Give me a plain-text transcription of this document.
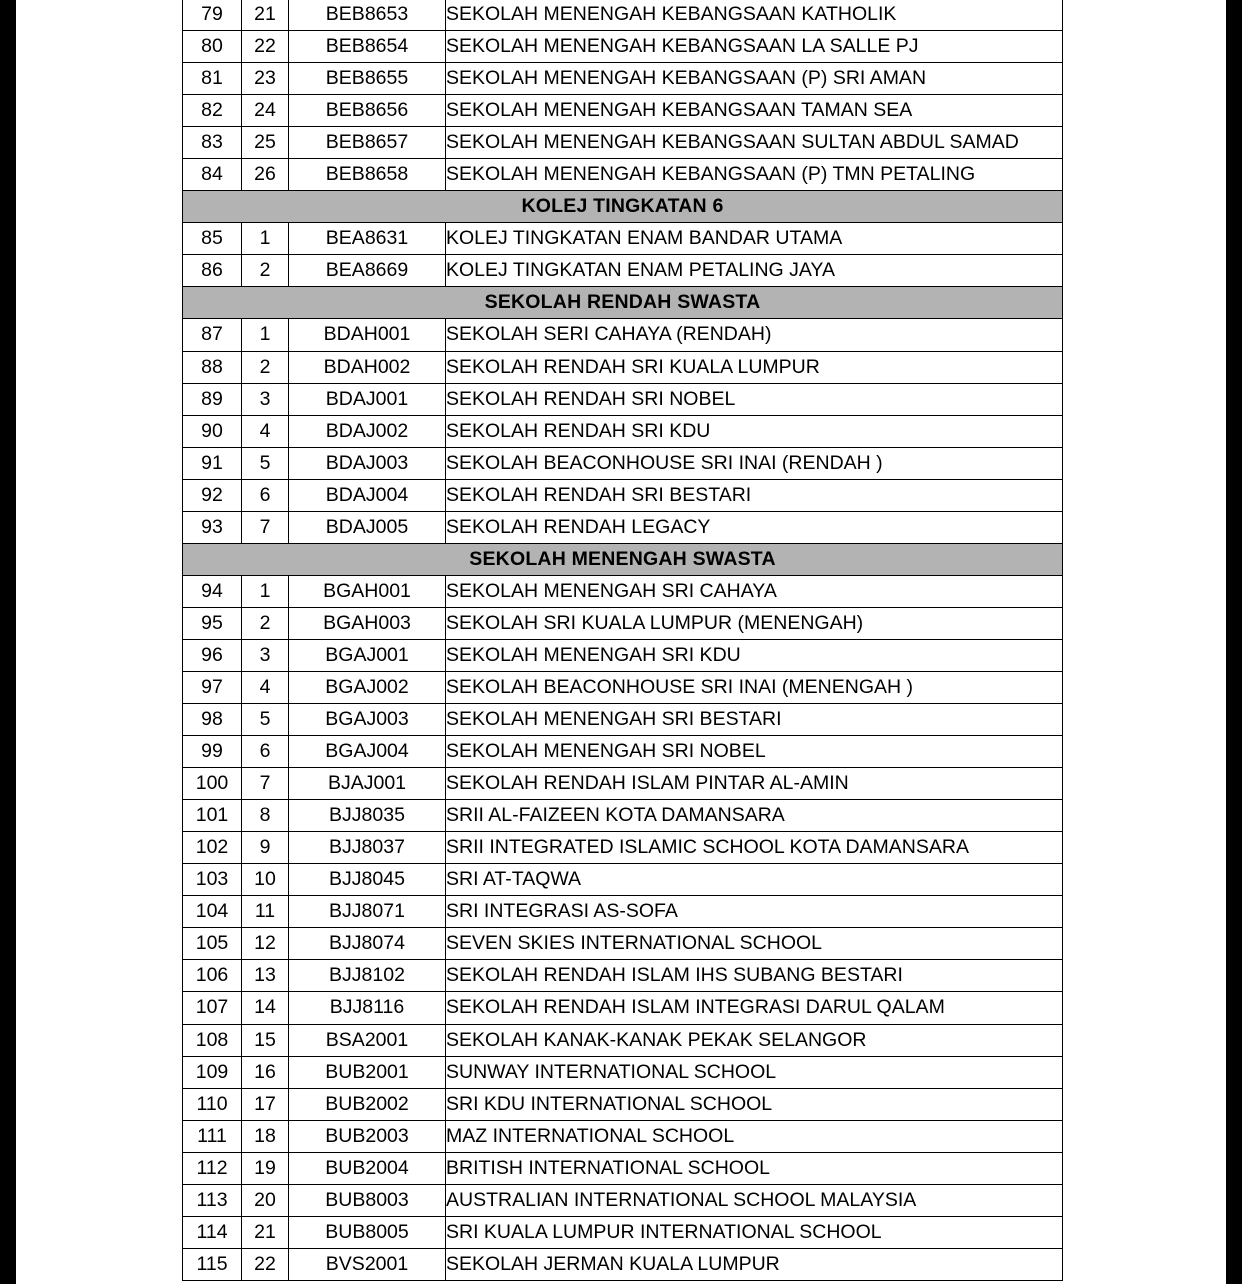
79	21	BEB8653	SEKOLAH MENENGAH KEBANGSAAN KATHOLIK
80	22	BEB8654	SEKOLAH MENENGAH KEBANGSAAN LA SALLE PJ
81	23	BEB8655	SEKOLAH MENENGAH KEBANGSAAN (P) SRI AMAN
82	24	BEB8656	SEKOLAH MENENGAH KEBANGSAAN TAMAN SEA
83	25	BEB8657	SEKOLAH MENENGAH KEBANGSAAN SULTAN ABDUL SAMAD
84	26	BEB8658	SEKOLAH MENENGAH KEBANGSAAN (P) TMN PETALING
KOLEJ TINGKATAN 6			
85	1	BEA8631	KOLEJ TINGKATAN ENAM BANDAR UTAMA
86	2	BEA8669	KOLEJ TINGKATAN ENAM PETALING JAYA
SEKOLAH RENDAH SWASTA			
87	1	BDAH001	SEKOLAH SERI CAHAYA (RENDAH)
88	2	BDAH002	SEKOLAH RENDAH SRI KUALA LUMPUR
89	3	BDAJ001	SEKOLAH RENDAH SRI NOBEL
90	4	BDAJ002	SEKOLAH RENDAH SRI KDU
91	5	BDAJ003	SEKOLAH BEACONHOUSE SRI INAI (RENDAH )
92	6	BDAJ004	SEKOLAH RENDAH SRI BESTARI
93	7	BDAJ005	SEKOLAH RENDAH LEGACY
SEKOLAH MENENGAH SWASTA			
94	1	BGAH001	SEKOLAH MENENGAH SRI CAHAYA
95	2	BGAH003	SEKOLAH SRI KUALA LUMPUR (MENENGAH)
96	3	BGAJ001	SEKOLAH MENENGAH SRI KDU
97	4	BGAJ002	SEKOLAH BEACONHOUSE SRI INAI (MENENGAH )
98	5	BGAJ003	SEKOLAH MENENGAH SRI BESTARI
99	6	BGAJ004	SEKOLAH MENENGAH SRI NOBEL
100	7	BJAJ001	SEKOLAH RENDAH ISLAM PINTAR AL-AMIN
101	8	BJJ8035	SRII AL-FAIZEEN KOTA DAMANSARA
102	9	BJJ8037	SRII INTEGRATED ISLAMIC SCHOOL KOTA DAMANSARA
103	10	BJJ8045	SRI AT-TAQWA
104	11	BJJ8071	SRI INTEGRASI AS-SOFA
105	12	BJJ8074	SEVEN SKIES INTERNATIONAL SCHOOL
106	13	BJJ8102	SEKOLAH RENDAH ISLAM IHS SUBANG BESTARI
107	14	BJJ8116	SEKOLAH RENDAH ISLAM INTEGRASI DARUL QALAM
108	15	BSA2001	SEKOLAH KANAK-KANAK PEKAK SELANGOR
109	16	BUB2001	SUNWAY INTERNATIONAL SCHOOL
110	17	BUB2002	SRI KDU INTERNATIONAL SCHOOL
111	18	BUB2003	MAZ INTERNATIONAL SCHOOL
112	19	BUB2004	BRITISH INTERNATIONAL SCHOOL
113	20	BUB8003	AUSTRALIAN INTERNATIONAL SCHOOL MALAYSIA
114	21	BUB8005	SRI KUALA LUMPUR INTERNATIONAL SCHOOL
115	22	BVS2001	SEKOLAH JERMAN KUALA LUMPUR
